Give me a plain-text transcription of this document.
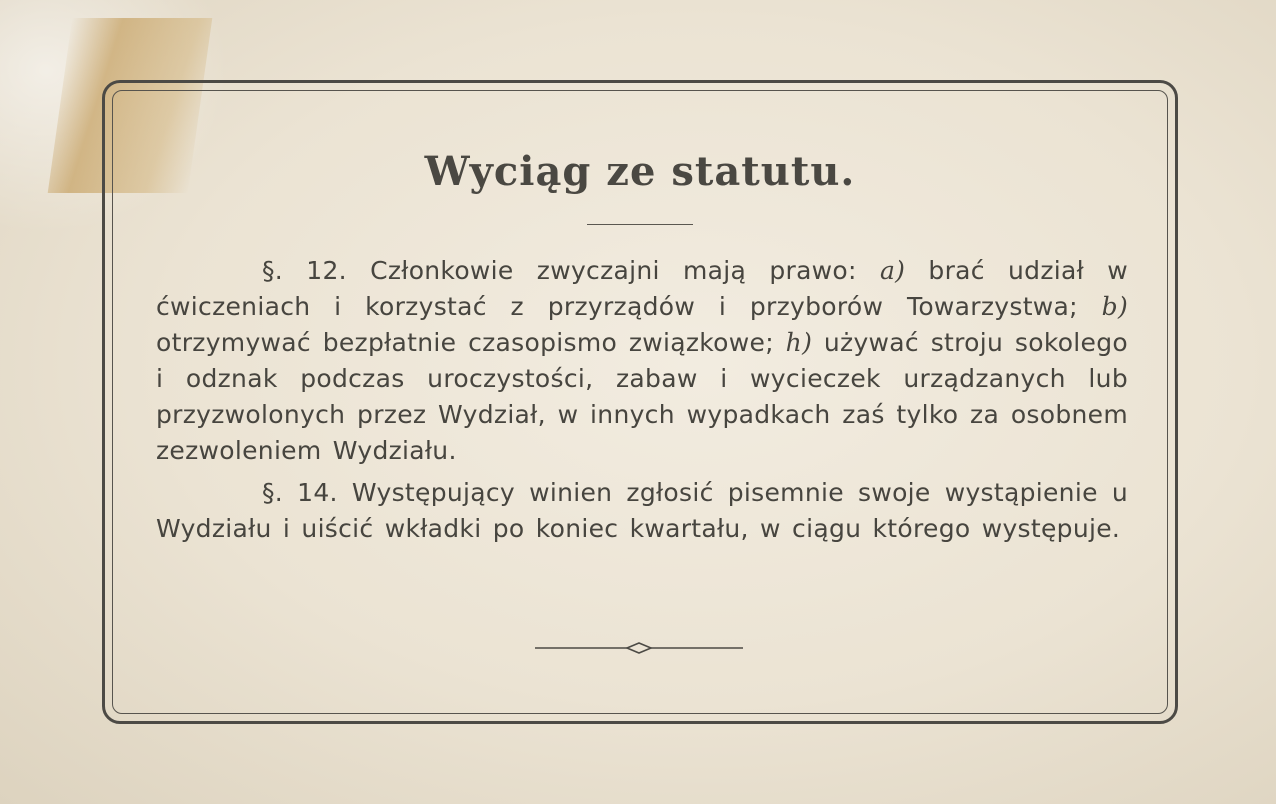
Wyciąg ze statutu.

§. 12. Członkowie zwyczajni mają prawo: a) brać udział w ćwiczeniach i korzystać z przyrządów i przyborów Towarzystwa; b) otrzymywać bezpłatnie czasopismo związkowe; h) używać stroju sokolego i odznak podczas uroczystości, zabaw i wycieczek urządzanych lub przyzwolonych przez Wydział, w innych wypadkach zaś tylko za osobnem zezwoleniem Wydziału.

§. 14. Występujący winien zgłosić pisemnie swoje wystąpienie u Wydziału i uiścić wkładki po koniec kwartału, w ciągu którego występuje.
